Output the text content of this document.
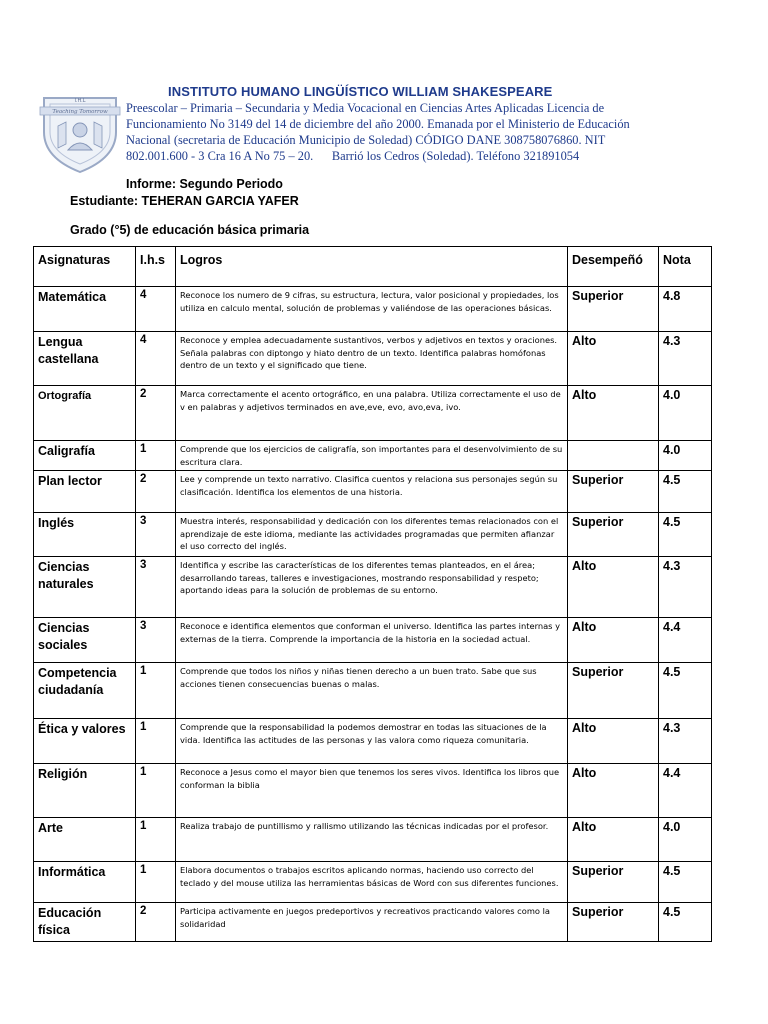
I.H.L
Teaching Tomorrow
INSTITUTO HUMANO LINGÜÍSTICO WILLIAM SHAKESPEARE
Preescolar – Primaria – Secundaria y Media Vocacional en Ciencias Artes Aplicadas Licencia de
Funcionamiento No 3149 del 14 de diciembre del año 2000. Emanada por el Ministerio de Educación
Nacional (secretaria de Educación Municipio de Soledad) CÓDIGO DANE 308758076860. NIT
802.001.600 - 3 Cra 16 A No 75 – 20.      Barrió los Cedros (Soledad). Teléfono 321891054
Informe: Segundo Periodo
Estudiante: TEHERAN GARCIA YAFER
Grado (°5) de educación básica primaria
Asignaturas	I.h.s	Logros	Desempeñó	Nota
Matemática	4	Reconoce los numero de 9 cifras, su estructura, lectura, valor posicional y propiedades, los utiliza en calculo mental, solución de problemas y valiéndose de las operaciones básicas.	Superior	4.8
Lengua castellana	4	Reconoce y emplea adecuadamente sustantivos, verbos y adjetivos en textos y oraciones. Señala palabras con diptongo y hiato dentro de un texto. Identifica palabras homófonas dentro de un texto y el significado que tiene.	Alto	4.3
Ortografía	2	Marca correctamente el acento ortográfico, en una palabra. Utiliza correctamente el uso de v en palabras y adjetivos terminados en ave,eve, evo, avo,eva, ivo.	Alto	4.0
Caligrafía	1	Comprende que los ejercicios de caligrafía, son importantes para el desenvolvimiento de su escritura clara.		4.0
Plan lector	2	Lee y comprende un texto narrativo. Clasifica cuentos y relaciona sus personajes según su clasificación. Identifica los elementos de una historia.	Superior	4.5
Inglés	3	Muestra interés, responsabilidad y dedicación con los diferentes temas relacionados con el aprendizaje de este idioma, mediante las actividades programadas que permiten afianzar el uso correcto del inglés.	Superior	4.5
Ciencias naturales	3	Identifica y escribe las características de los diferentes temas planteados, en el área; desarrollando tareas, talleres e investigaciones, mostrando responsabilidad y respeto; aportando ideas para la solución de problemas de su entorno.	Alto	4.3
Ciencias sociales	3	Reconoce e identifica elementos que conforman el universo. Identifica las partes internas y externas de la tierra. Comprende la importancia de la historia en la sociedad actual.	Alto	4.4
Competencia ciudadanía	1	Comprende que todos los niños y niñas tienen derecho a un buen trato. Sabe que sus acciones tienen consecuencias buenas o malas.	Superior	4.5
Ética y valores	1	Comprende que la responsabilidad la podemos demostrar en todas las situaciones de la vida. Identifica las actitudes de las personas y las valora como riqueza comunitaria.	Alto	4.3
Religión	1	Reconoce a Jesus como el mayor bien que tenemos los seres vivos. Identifica los libros que conforman la biblia	Alto	4.4
Arte	1	Realiza trabajo de puntillismo y rallismo utilizando las técnicas indicadas por el profesor.	Alto	4.0
Informática	1	Elabora documentos o trabajos escritos aplicando normas, haciendo uso correcto del teclado y del mouse utiliza las herramientas básicas de Word con sus diferentes funciones.	Superior	4.5
Educación física	2	Participa activamente en juegos predeportivos y recreativos practicando valores como la solidaridad	Superior	4.5
